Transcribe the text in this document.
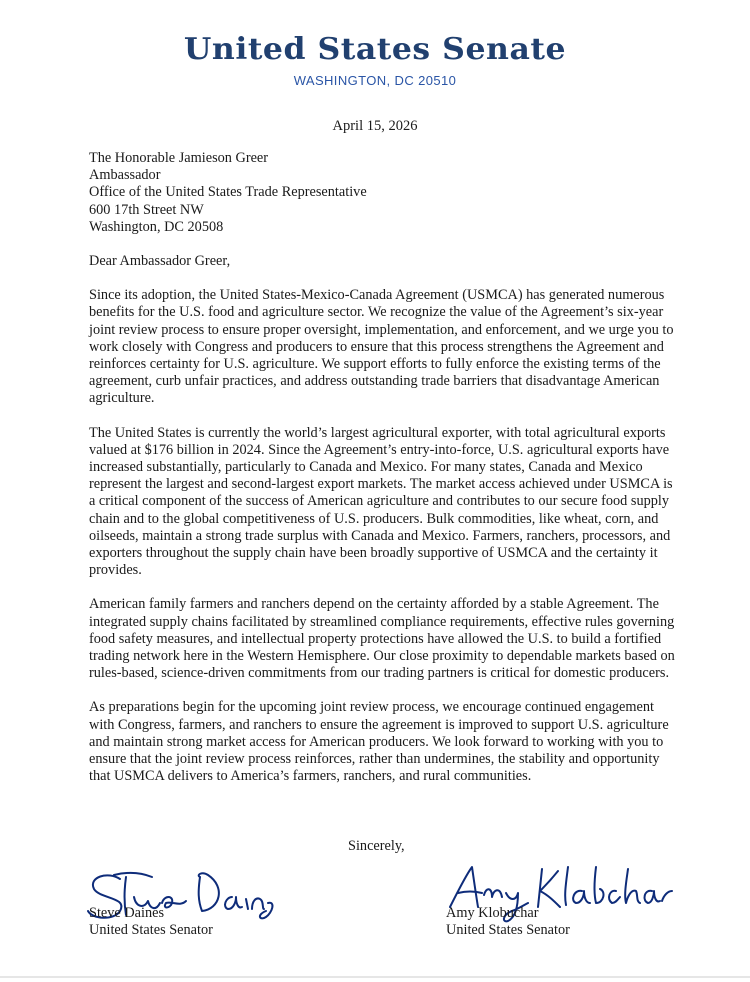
United States Senate
WASHINGTON, DC 20510
April 15, 2026
The Honorable Jamieson Greer
Ambassador
Office of the United States Trade Representative
600 17th Street NW
Washington, DC 20508
Dear Ambassador Greer,
Since its adoption, the United States-Mexico-Canada Agreement (USMCA) has generated numerous benefits for the U.S. food and agriculture sector. We recognize the value of the Agreement’s six-year joint review process to ensure proper oversight, implementation, and enforcement, and we urge you to work closely with Congress and producers to ensure that this process strengthens the Agreement and reinforces certainty for U.S. agriculture. We support efforts to fully enforce the existing terms of the agreement, curb unfair practices, and address outstanding trade barriers that disadvantage American agriculture.
The United States is currently the world’s largest agricultural exporter, with total agricultural exports valued at $176 billion in 2024. Since the Agreement’s entry-into-force, U.S. agricultural exports have increased substantially, particularly to Canada and Mexico. For many states, Canada and Mexico represent the largest and second-largest export markets. The market access achieved under USMCA is a critical component of the success of American agriculture and contributes to our secure food supply chain and to the global competitiveness of U.S. producers. Bulk commodities, like wheat, corn, and oilseeds, maintain a strong trade surplus with Canada and Mexico. Farmers, ranchers, processors, and exporters throughout the supply chain have been broadly supportive of USMCA and the certainty it provides.
American family farmers and ranchers depend on the certainty afforded by a stable Agreement. The integrated supply chains facilitated by streamlined compliance requirements, effective rules governing food safety measures, and intellectual property protections have allowed the U.S. to build a fortified trading network here in the Western Hemisphere. Our close proximity to dependable markets based on rules-based, science-driven commitments from our trading partners is critical for domestic producers.
As preparations begin for the upcoming joint review process, we encourage continued engagement with Congress, farmers, and ranchers to ensure the agreement is improved to support U.S. agriculture and maintain strong market access for American producers. We look forward to working with you to ensure that the joint review process reinforces, rather than undermines, the stability and opportunity that USMCA delivers to America’s farmers, ranchers, and rural communities.
Sincerely,
Steve Daines
United States Senator
Amy Klobuchar
United States Senator
